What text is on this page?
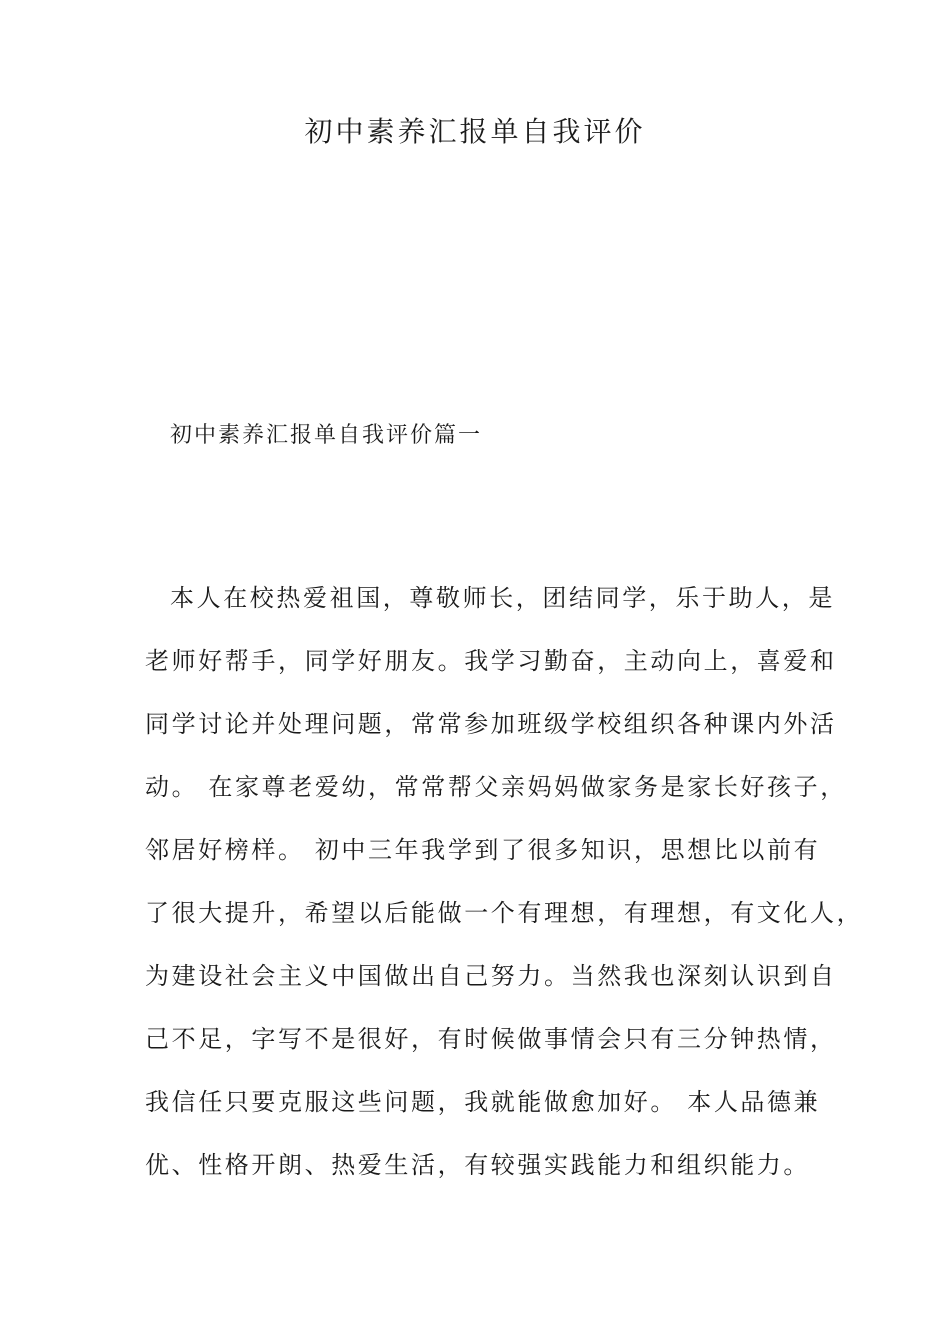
初中素养汇报单自我评价
初中素养汇报单自我评价篇一
本人在校热爱祖国，尊敬师长，团结同学，乐于助人，是
老师好帮手，同学好朋友。我学习勤奋，主动向上，喜爱和
同学讨论并处理问题，常常参加班级学校组织各种课内外活
动。 在家尊老爱幼，常常帮父亲妈妈做家务是家长好孩子，
邻居好榜样。 初中三年我学到了很多知识，思想比以前有
了很大提升，希望以后能做一个有理想，有理想，有文化人，
为建设社会主义中国做出自己努力。当然我也深刻认识到自
己不足，字写不是很好，有时候做事情会只有三分钟热情，
我信任只要克服这些问题，我就能做愈加好。 本人品德兼
优、性格开朗、热爱生活，有较强实践能力和组织能力。
